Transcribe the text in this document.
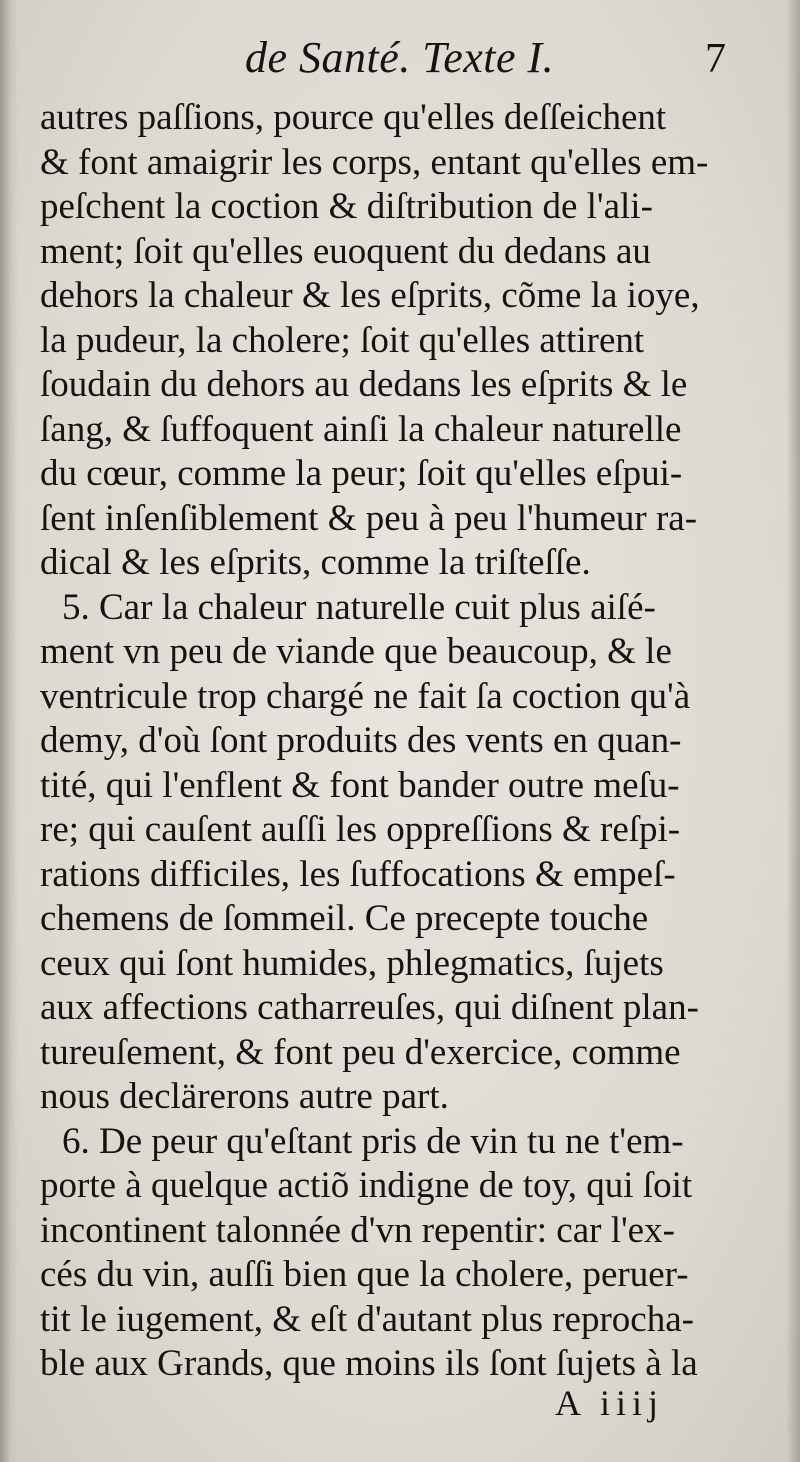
de Santé. Texte I.	7
autres paſſions, pource qu'elles deſſeichent
& font amaigrir les corps, entant qu'elles em-
peſchent la coction & diſtribution de l'ali-
ment; ſoit qu'elles euoquent du dedans au
dehors la chaleur & les eſprits, cõme la ioye,
la pudeur, la cholere; ſoit qu'elles attirent
ſoudain du dehors au dedans les eſprits & le
ſang, & ſuffoquent ainſi la chaleur naturelle
du cœur, comme la peur; ſoit qu'elles eſpui-
ſent inſenſiblement & peu à peu l'humeur ra-
dical & les eſprits, comme la triſteſſe.
5. Car la chaleur naturelle cuit plus aiſé-
ment vn peu de viande que beaucoup, & le
ventricule trop chargé ne fait ſa coction qu'à
demy, d'où ſont produits des vents en quan-
tité, qui l'enflent & font bander outre meſu-
re; qui cauſent auſſi les oppreſſions & reſpi-
rations difficiles, les ſuffocations & empeſ-
chemens de ſommeil. Ce precepte touche
ceux qui ſont humides, phlegmatics, ſujets
aux affections catharreuſes, qui diſnent plan-
tureuſement, & font peu d'exercice, comme
nous declärerons autre part.
6. De peur qu'eſtant pris de vin tu ne t'em-
porte à quelque actiõ indigne de toy, qui ſoit
incontinent talonnée d'vn repentir: car l'ex-
cés du vin, auſſi bien que la cholere, peruer-
tit le iugement, & eſt d'autant plus reprocha-
ble aux Grands, que moins ils ſont ſujets à la
A iiij
